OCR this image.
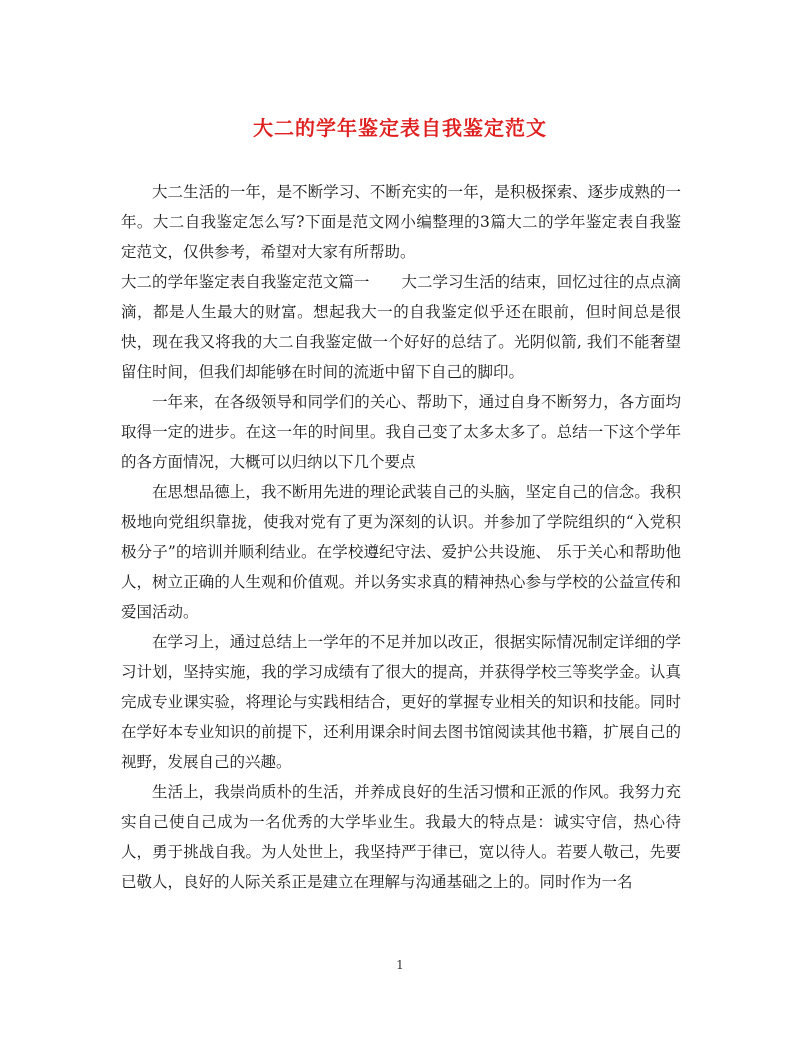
大二的学年鉴定表自我鉴定范文

大二生活的一年，是不断学习、不断充实的一年，是积极探索、逐步成熟的一年。大二自我鉴定怎么写?下面是范文网小编整理的3篇大二的学年鉴定表自我鉴定范文，仅供参考，希望对大家有所帮助。

大二的学年鉴定表自我鉴定范文篇一 大二学习生活的结束，回忆过往的点点滴滴，都是人生最大的财富。想起我大一的自我鉴定似乎还在眼前，但时间总是很快，现在我又将我的大二自我鉴定做一个好好的总结了。光阴似箭, 我们不能奢望留住时间，但我们却能够在时间的流逝中留下自己的脚印。

一年来，在各级领导和同学们的关心、帮助下，通过自身不断努力，各方面均取得一定的进步。在这一年的时间里。我自己变了太多太多了。总结一下这个学年的各方面情况，大概可以归纳以下几个要点

在思想品德上，我不断用先进的理论武装自己的头脑，坚定自己的信念。我积极地向党组织靠拢，使我对党有了更为深刻的认识。并参加了学院组织的“入党积极分子”的培训并顺利结业。在学校遵纪守法、爱护公共设施、 乐于关心和帮助他人，树立正确的人生观和价值观。并以务实求真的精神热心参与学校的公益宣传和爱国活动。

在学习上，通过总结上一学年的不足并加以改正，很据实际情况制定详细的学习计划，坚持实施，我的学习成绩有了很大的提高，并获得学校三等奖学金。认真完成专业课实验，将理论与实践相结合，更好的掌握专业相关的知识和技能。同时在学好本专业知识的前提下，还利用课余时间去图书馆阅读其他书籍，扩展自己的视野，发展自己的兴趣。

生活上，我崇尚质朴的生活，并养成良好的生活习惯和正派的作风。我努力充实自己使自己成为一名优秀的大学毕业生。我最大的特点是：诚实守信，热心待人，勇于挑战自我。为人处世上，我坚持严于律已，宽以待人。若要人敬己，先要已敬人，良好的人际关系正是建立在理解与沟通基础之上的。同时作为一名

1
